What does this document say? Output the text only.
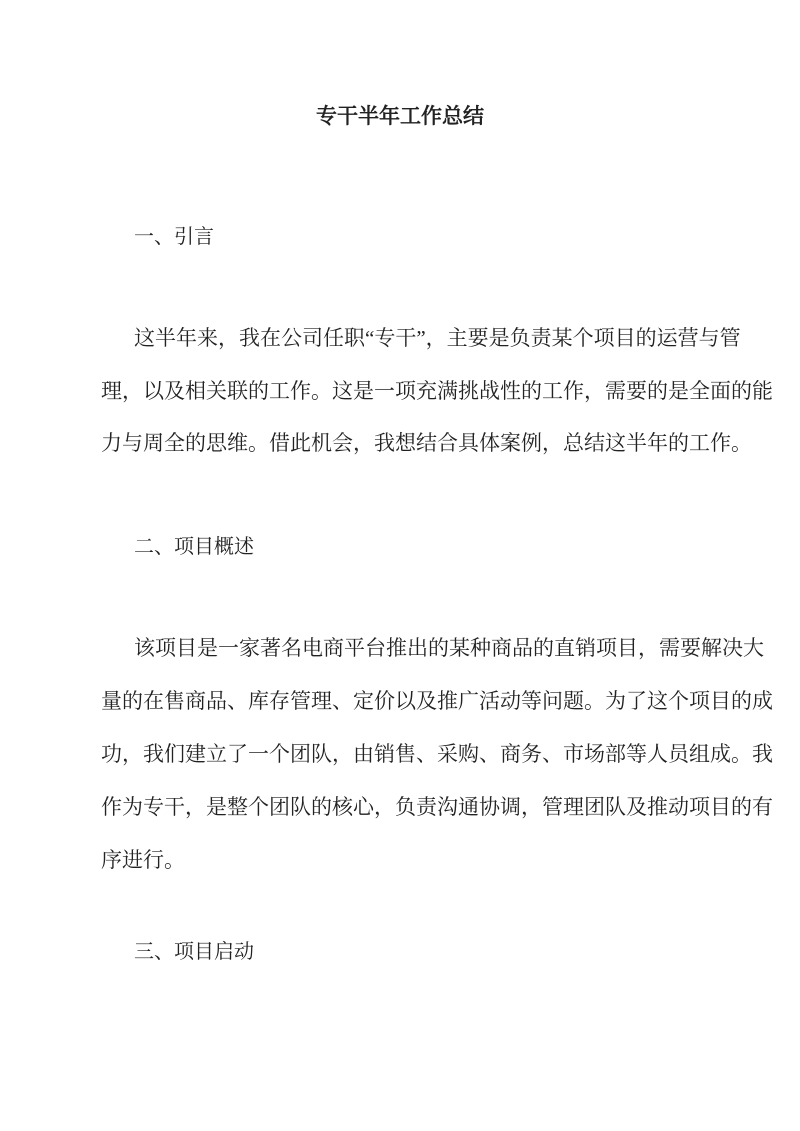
专干半年工作总结
一、引言
这半年来，我在公司任职“专干”，主要是负责某个项目的运营与管
理，以及相关联的工作。这是一项充满挑战性的工作，需要的是全面的能
力与周全的思维。借此机会，我想结合具体案例，总结这半年的工作。
二、项目概述
该项目是一家著名电商平台推出的某种商品的直销项目，需要解决大
量的在售商品、库存管理、定价以及推广活动等问题。为了这个项目的成
功，我们建立了一个团队，由销售、采购、商务、市场部等人员组成。我
作为专干，是整个团队的核心，负责沟通协调，管理团队及推动项目的有
序进行。
三、项目启动
